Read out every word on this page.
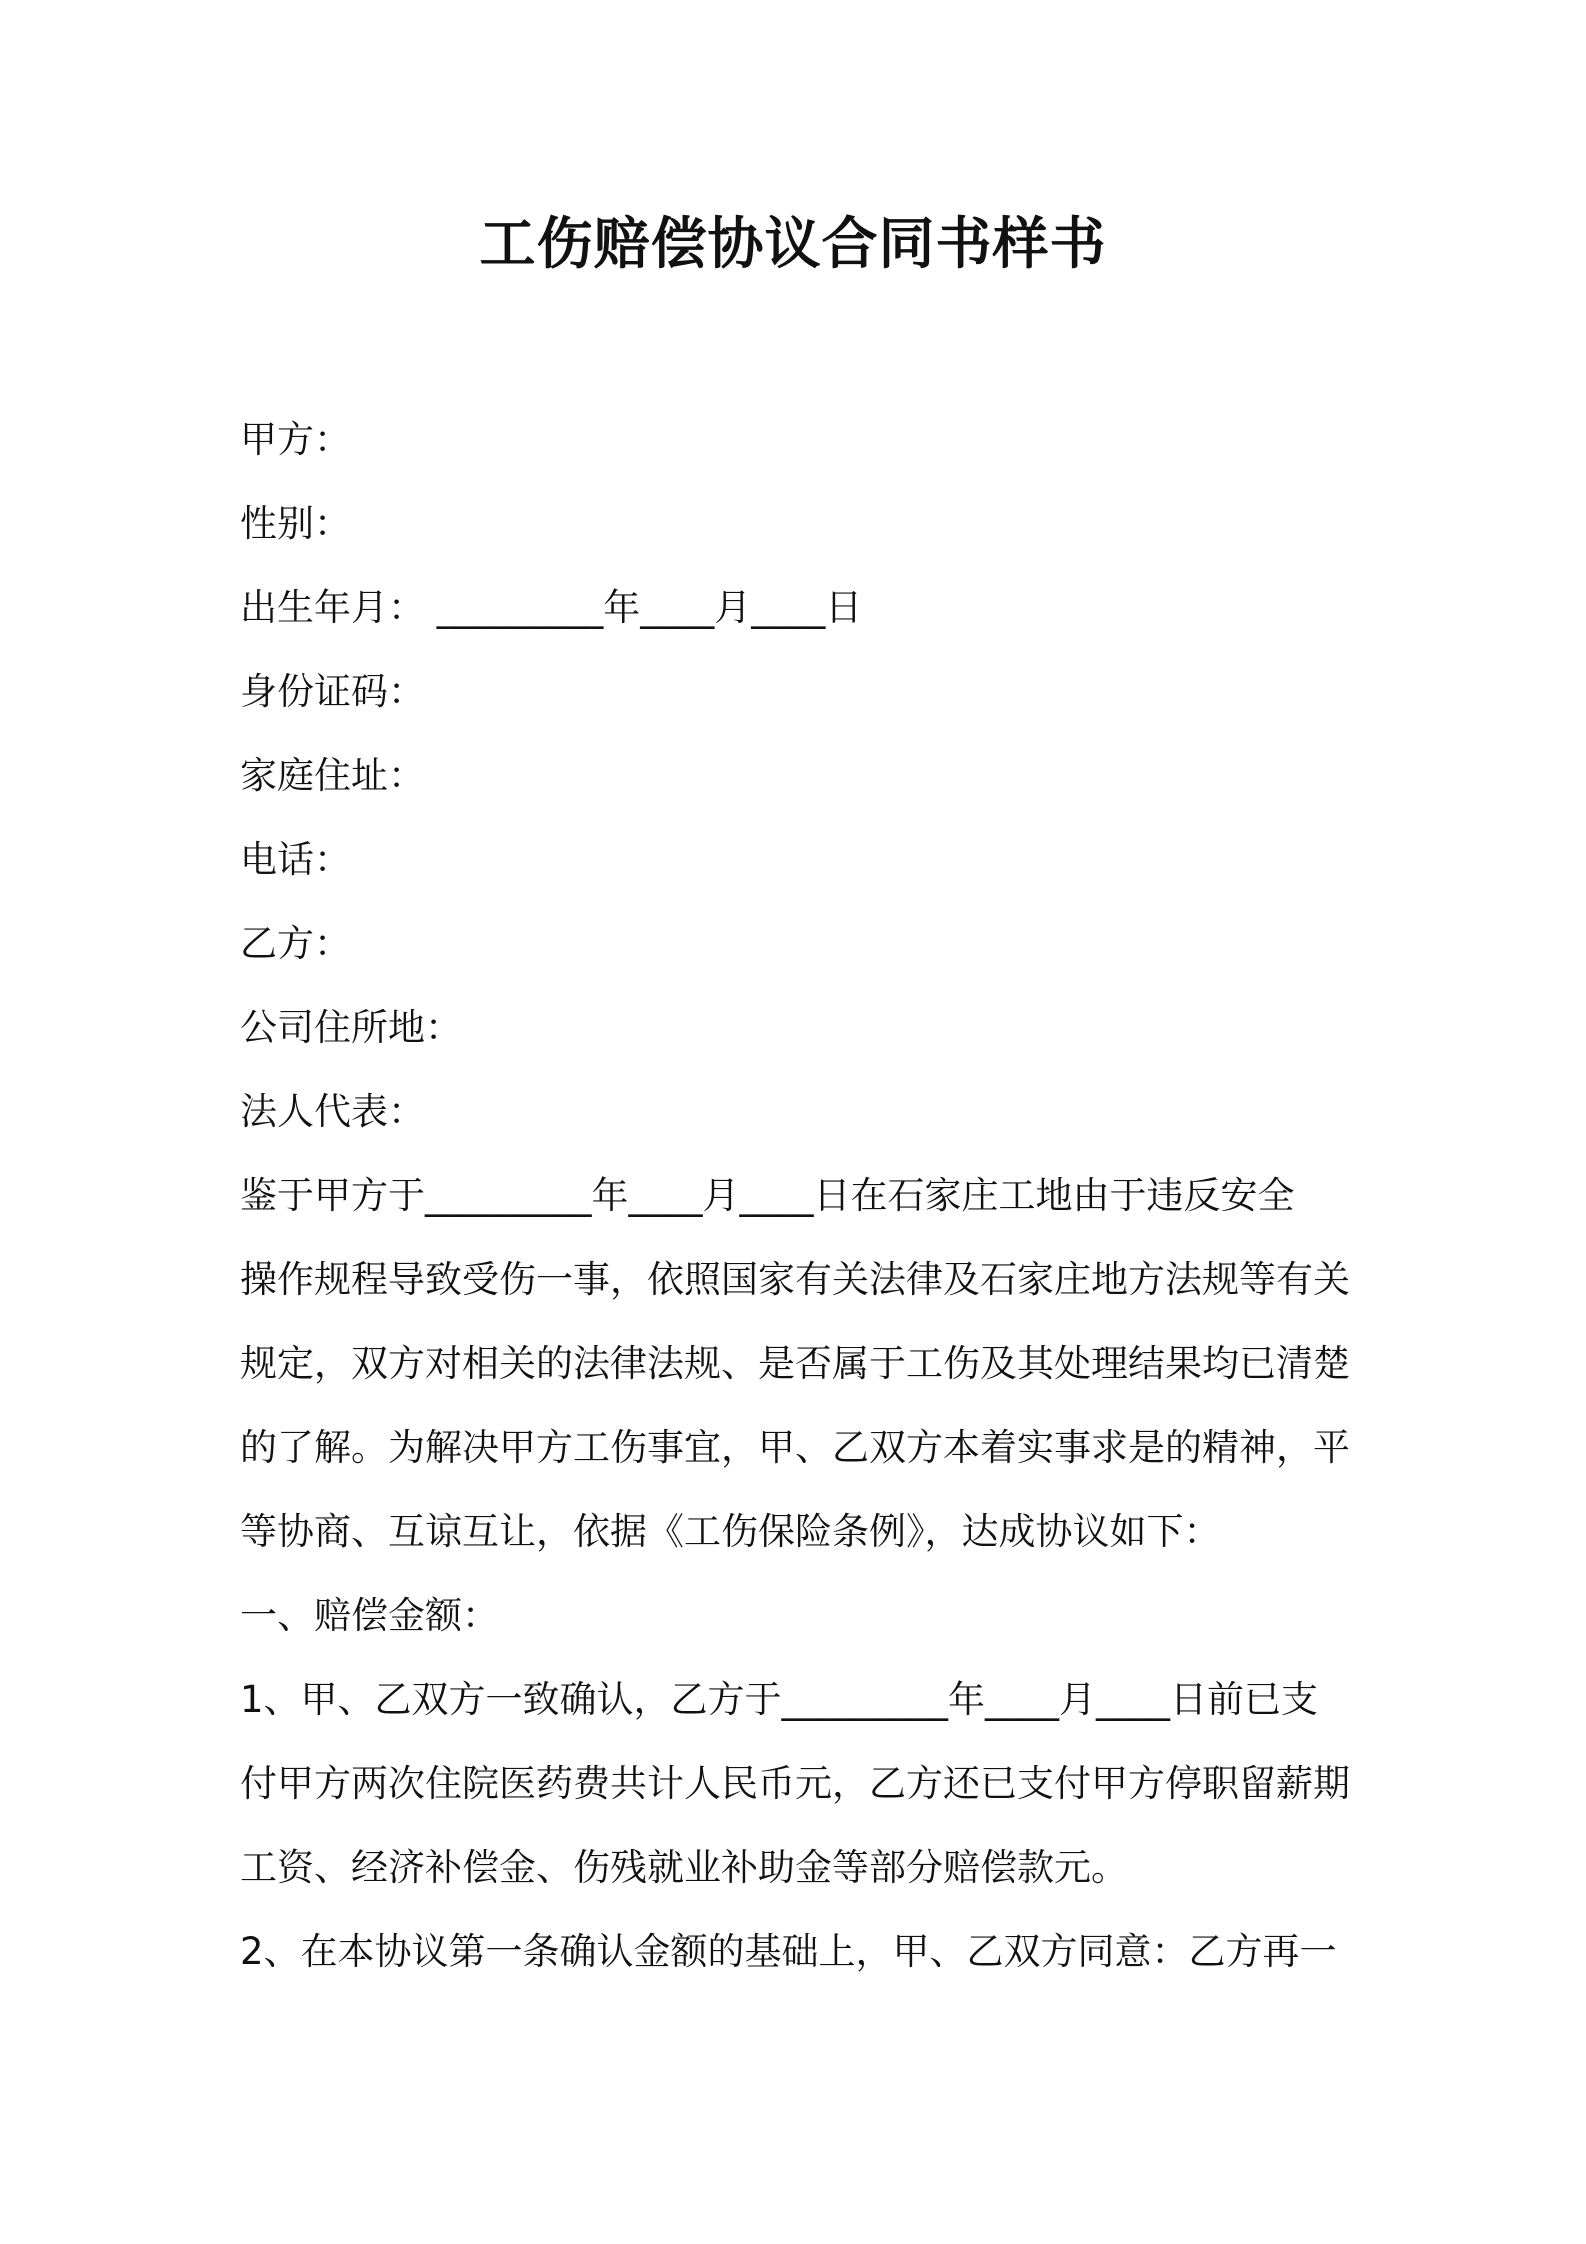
工伤赔偿协议合同书样书
甲方：
性别：
出生年月： _________年____月____日
身份证码：
家庭住址：
电话：
乙方：
公司住所地：
法人代表：
鉴于甲方于_________年____月____日在石家庄工地由于违反安全
操作规程导致受伤一事，依照国家有关法律及石家庄地方法规等有关
规定，双方对相关的法律法规、是否属于工伤及其处理结果均已清楚
的了解。为解决甲方工伤事宜，甲、乙双方本着实事求是的精神，平
等协商、互谅互让，依据《工伤保险条例》，达成协议如下：
一、赔偿金额：
1、甲、乙双方一致确认，乙方于_________年____月____日前已支
付甲方两次住院医药费共计人民币元，乙方还已支付甲方停职留薪期
工资、经济补偿金、伤残就业补助金等部分赔偿款元。
2、在本协议第一条确认金额的基础上，甲、乙双方同意：乙方再一
